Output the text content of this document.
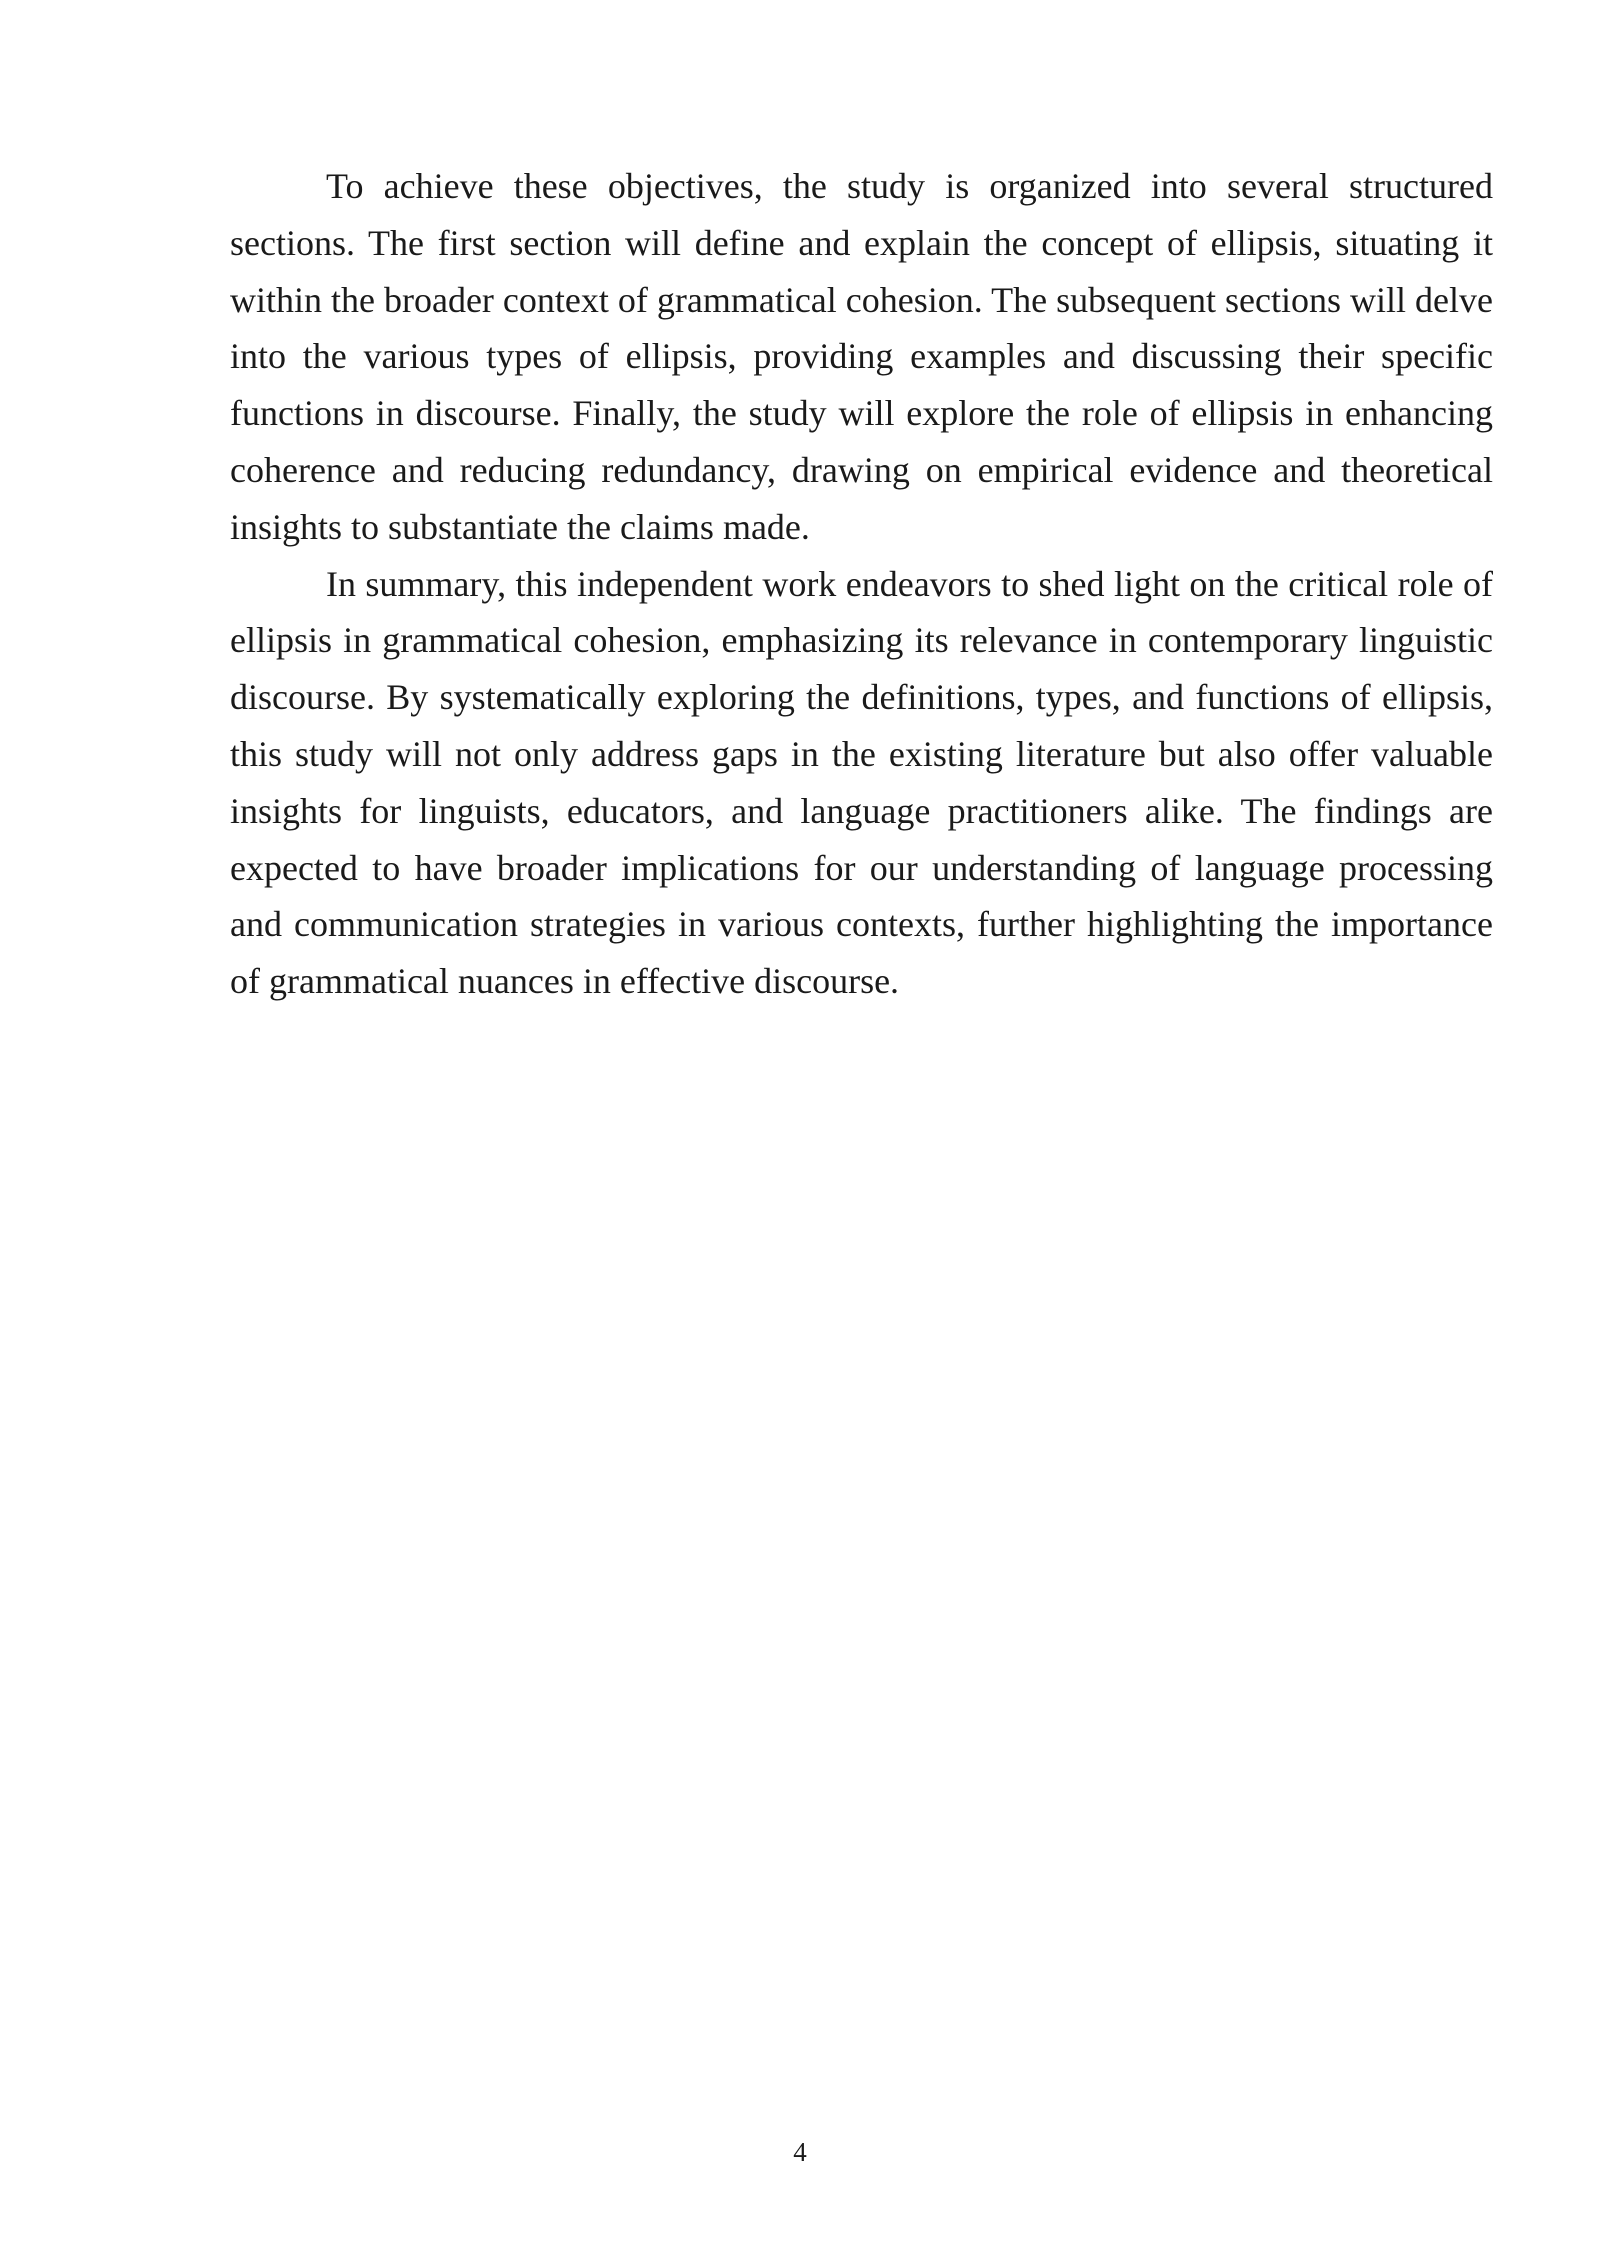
To achieve these objectives, the study is organized into several structured sections. The first section will define and explain the concept of ellipsis, situating it within the broader context of grammatical cohesion. The subsequent sections will delve into the various types of ellipsis, providing examples and discussing their specific functions in discourse. Finally, the study will explore the role of ellipsis in enhancing coherence and reducing redundancy, drawing on empirical evidence and theoretical insights to substantiate the claims made.

In summary, this independent work endeavors to shed light on the critical role of ellipsis in grammatical cohesion, emphasizing its relevance in contemporary linguistic discourse. By systematically exploring the definitions, types, and functions of ellipsis, this study will not only address gaps in the existing literature but also offer valuable insights for linguists, educators, and language practitioners alike. The findings are expected to have broader implications for our understanding of language processing and communication strategies in various contexts, further highlighting the importance of grammatical nuances in effective discourse.

4
